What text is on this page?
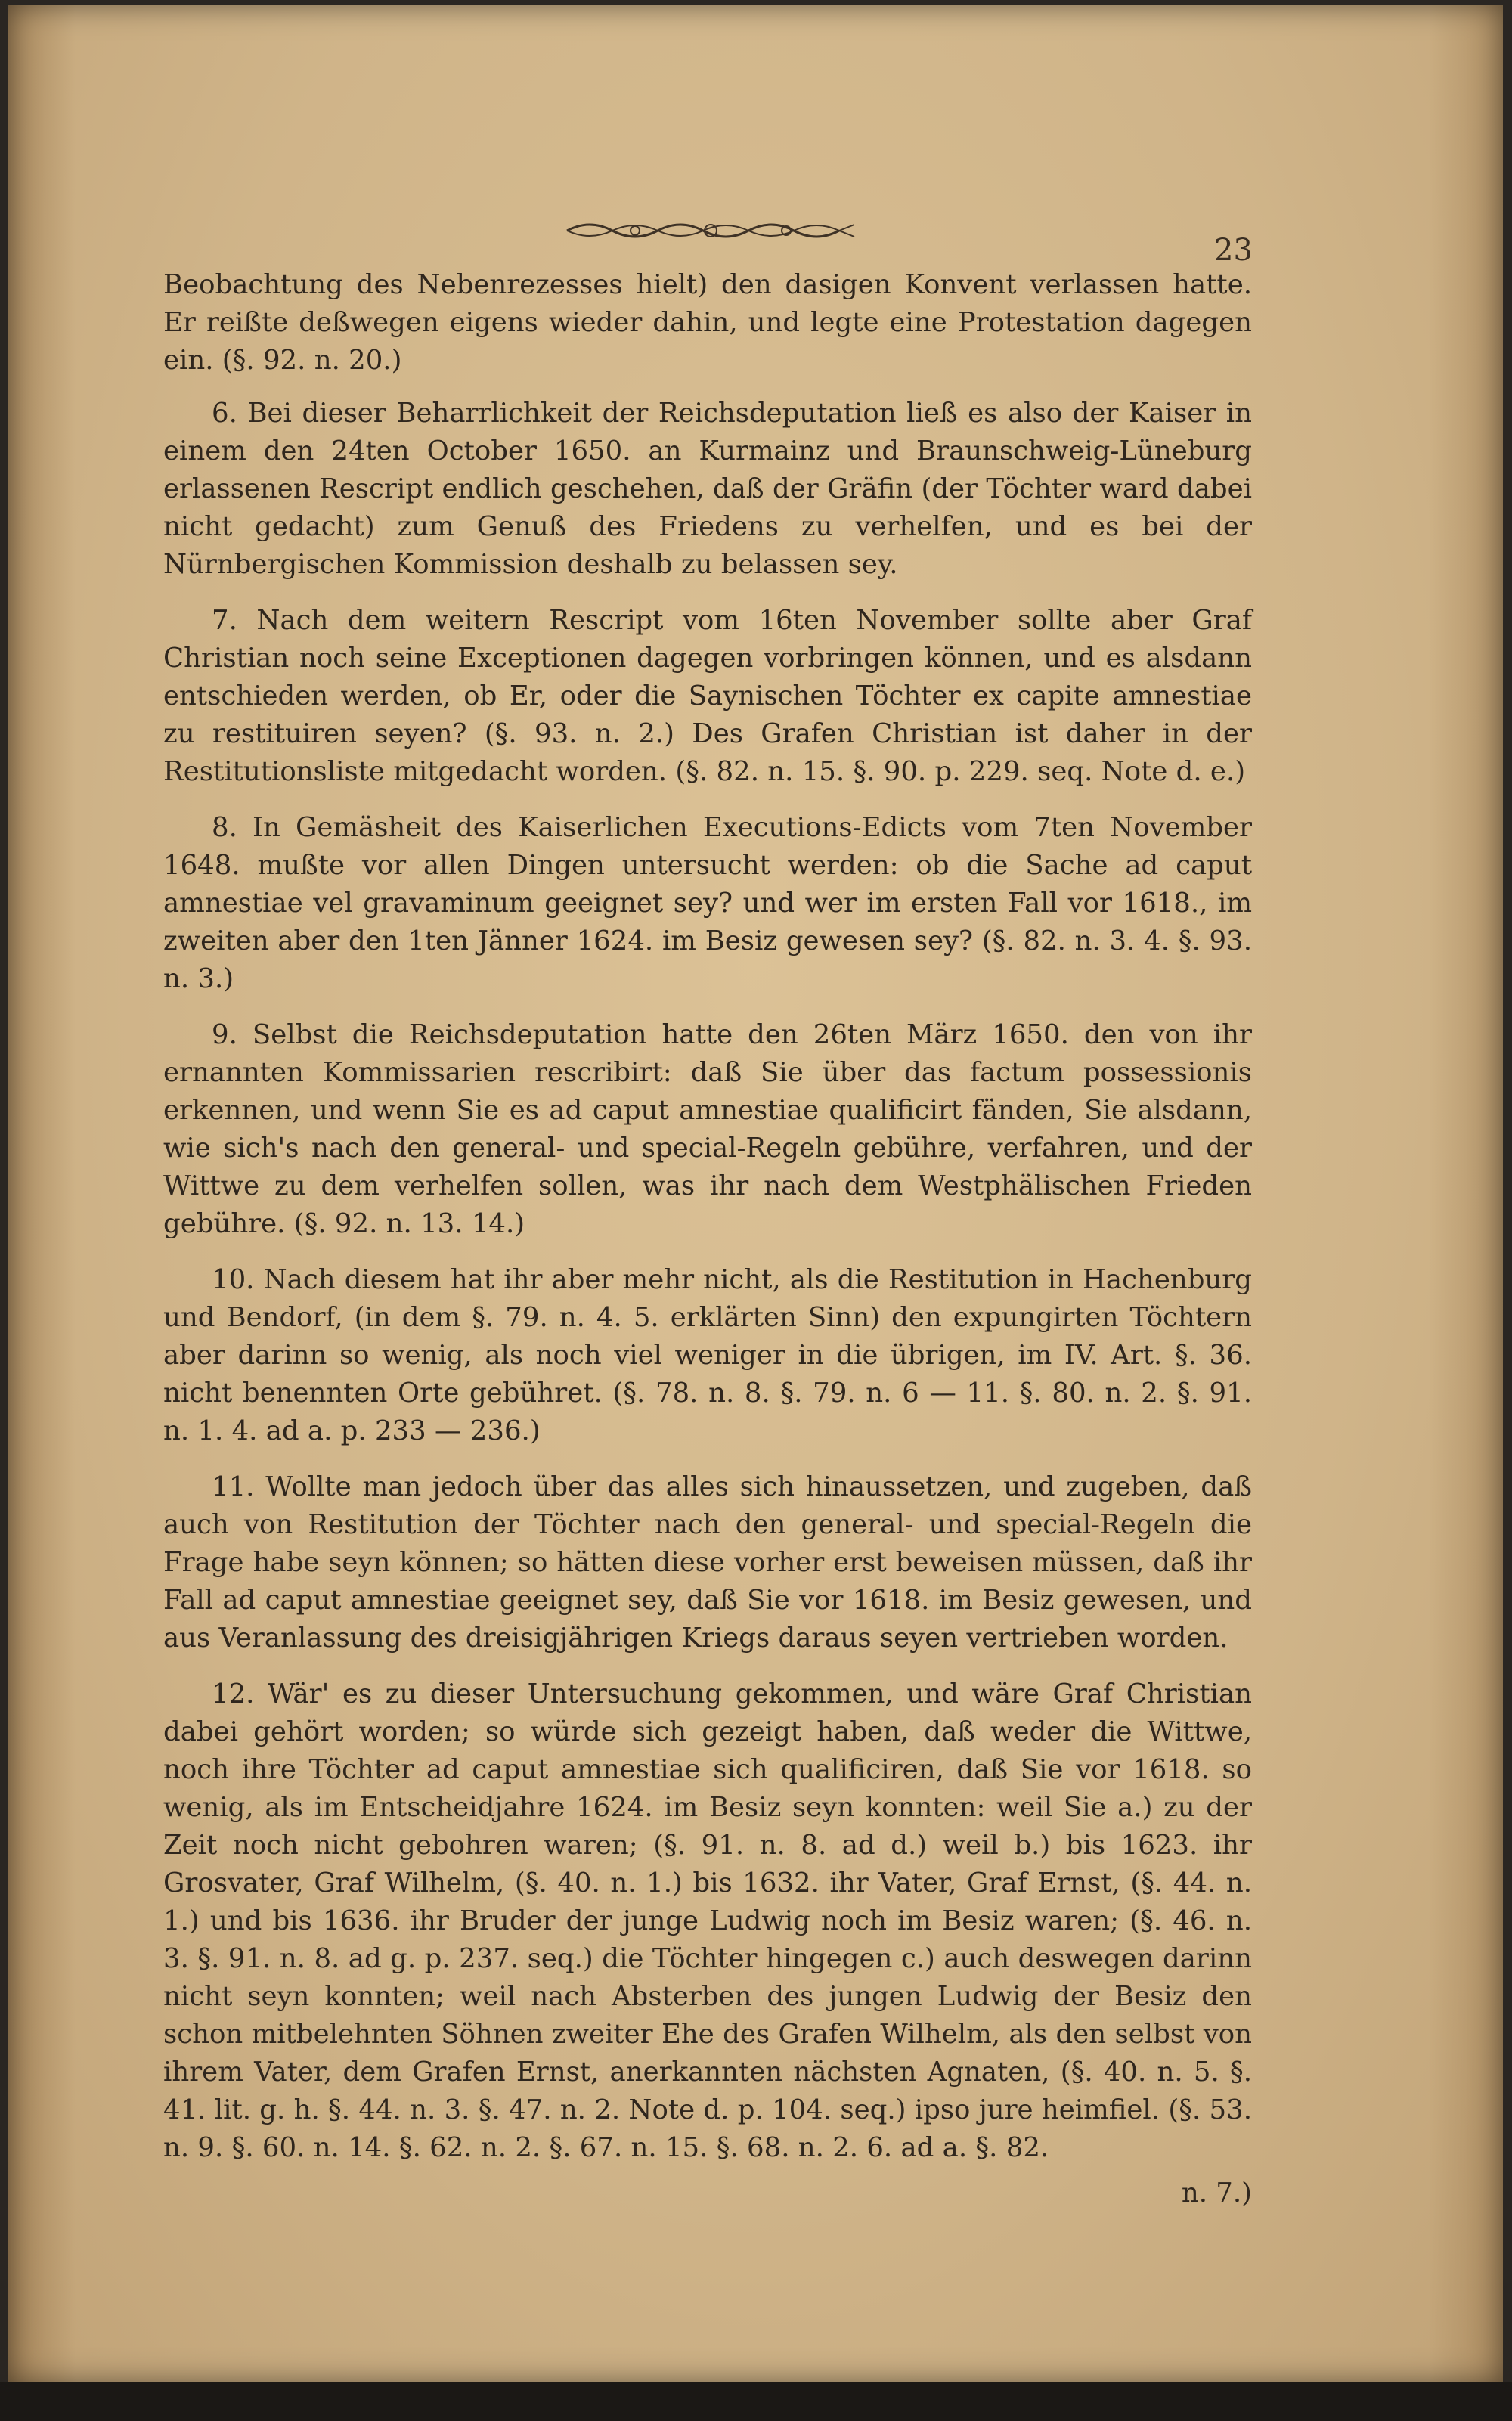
23

Beobachtung des Nebenrezesses hielt) den dasigen Konvent verlassen hatte. Er reißte deßwegen eigens wieder dahin, und legte eine Protestation dagegen ein. (§. 92. n. 20.)

6. Bei dieser Beharrlichkeit der Reichsdeputation ließ es also der Kaiser in einem den 24ten October 1650. an Kurmainz und Braunschweig-Lüneburg erlassenen Rescript endlich geschehen, daß der Gräfin (der Töchter ward dabei nicht gedacht) zum Genuß des Friedens zu verhelfen, und es bei der Nürnbergischen Kommission deshalb zu belassen sey.

7. Nach dem weitern Rescript vom 16ten November sollte aber Graf Christian noch seine Exceptionen dagegen vorbringen können, und es alsdann entschieden werden, ob Er, oder die Saynischen Töchter ex capite amnestiae zu restituiren seyen? (§. 93. n. 2.) Des Grafen Christian ist daher in der Restitutionsliste mitgedacht worden. (§. 82. n. 15. §. 90. p. 229. seq. Note d. e.)

8. In Gemäsheit des Kaiserlichen Executions-Edicts vom 7ten November 1648. mußte vor allen Dingen untersucht werden: ob die Sache ad caput amnestiae vel gravaminum geeignet sey? und wer im ersten Fall vor 1618., im zweiten aber den 1ten Jänner 1624. im Besiz gewesen sey? (§. 82. n. 3. 4. §. 93. n. 3.)

9. Selbst die Reichsdeputation hatte den 26ten März 1650. den von ihr ernannten Kommissarien rescribirt: daß Sie über das factum possessionis erkennen, und wenn Sie es ad caput amnestiae qualificirt fänden, Sie alsdann, wie sich's nach den general- und special-Regeln gebühre, verfahren, und der Wittwe zu dem verhelfen sollen, was ihr nach dem Westphälischen Frieden gebühre. (§. 92. n. 13. 14.)

10. Nach diesem hat ihr aber mehr nicht, als die Restitution in Hachenburg und Bendorf, (in dem §. 79. n. 4. 5. erklärten Sinn) den expungirten Töchtern aber darinn so wenig, als noch viel weniger in die übrigen, im IV. Art. §. 36. nicht benennten Orte gebühret. (§. 78. n. 8. §. 79. n. 6 — 11. §. 80. n. 2. §. 91. n. 1. 4. ad a. p. 233 — 236.)

11. Wollte man jedoch über das alles sich hinaussetzen, und zugeben, daß auch von Restitution der Töchter nach den general- und special-Regeln die Frage habe seyn können; so hätten diese vorher erst beweisen müssen, daß ihr Fall ad caput amnestiae geeignet sey, daß Sie vor 1618. im Besiz gewesen, und aus Veranlassung des dreisigjährigen Kriegs daraus seyen vertrieben worden.

12. Wär' es zu dieser Untersuchung gekommen, und wäre Graf Christian dabei gehört worden; so würde sich gezeigt haben, daß weder die Wittwe, noch ihre Töchter ad caput amnestiae sich qualificiren, daß Sie vor 1618. so wenig, als im Entscheidjahre 1624. im Besiz seyn konnten: weil Sie a.) zu der Zeit noch nicht gebohren waren; (§. 91. n. 8. ad d.) weil b.) bis 1623. ihr Grosvater, Graf Wilhelm, (§. 40. n. 1.) bis 1632. ihr Vater, Graf Ernst, (§. 44. n. 1.) und bis 1636. ihr Bruder der junge Ludwig noch im Besiz waren; (§. 46. n. 3. §. 91. n. 8. ad g. p. 237. seq.) die Töchter hingegen c.) auch deswegen darinn nicht seyn konnten; weil nach Absterben des jungen Ludwig der Besiz den schon mitbelehnten Söhnen zweiter Ehe des Grafen Wilhelm, als den selbst von ihrem Vater, dem Grafen Ernst, anerkannten nächsten Agnaten, (§. 40. n. 5. §. 41. lit. g. h. §. 44. n. 3. §. 47. n. 2. Note d. p. 104. seq.) ipso jure heimfiel. (§. 53. n. 9. §. 60. n. 14. §. 62. n. 2. §. 67. n. 15. §. 68. n. 2. 6. ad a. §. 82.

n. 7.)
